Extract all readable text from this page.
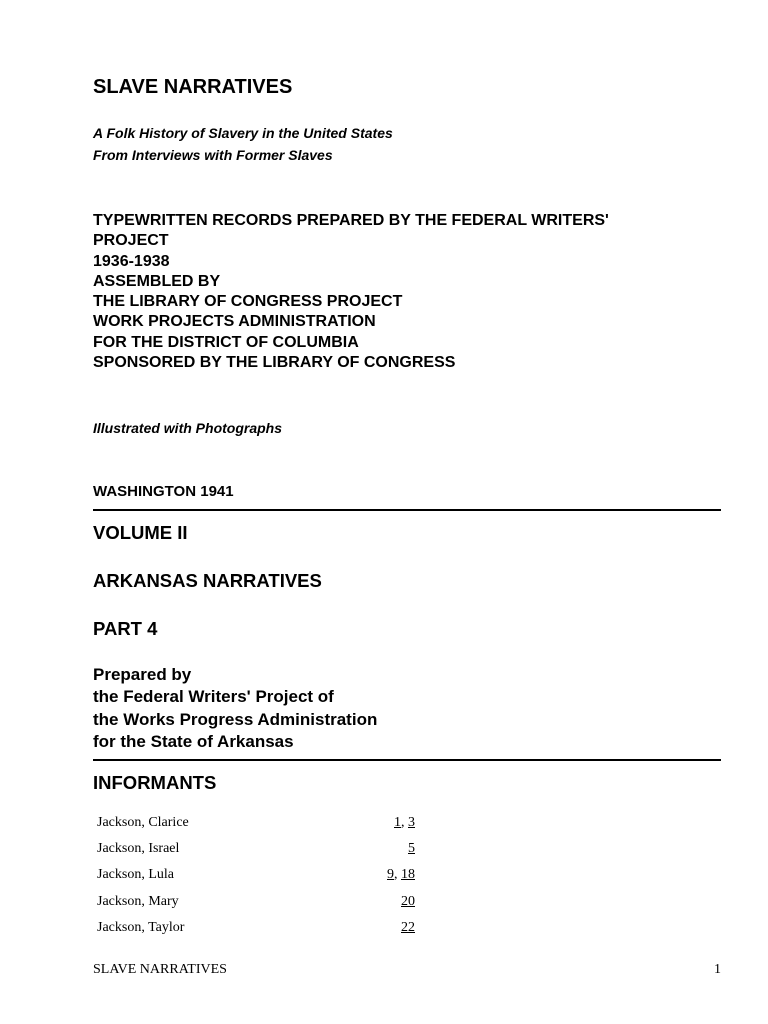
SLAVE NARRATIVES

A Folk History of Slavery in the United States

From Interviews with Former Slaves

TYPEWRITTEN RECORDS PREPARED BY THE FEDERAL WRITERS'
PROJECT
1936-1938
ASSEMBLED BY
THE LIBRARY OF CONGRESS PROJECT
WORK PROJECTS ADMINISTRATION
FOR THE DISTRICT OF COLUMBIA
SPONSORED BY THE LIBRARY OF CONGRESS

Illustrated with Photographs

WASHINGTON 1941

VOLUME II
ARKANSAS NARRATIVES
PART 4
Prepared by
the Federal Writers' Project of
the Works Progress Administration
for the State of Arkansas
INFORMANTS
Jackson, Clarice	1, 3
Jackson, Israel	5
Jackson, Lula	9, 18
Jackson, Mary	20
Jackson, Taylor	22
SLAVE NARRATIVES	1
